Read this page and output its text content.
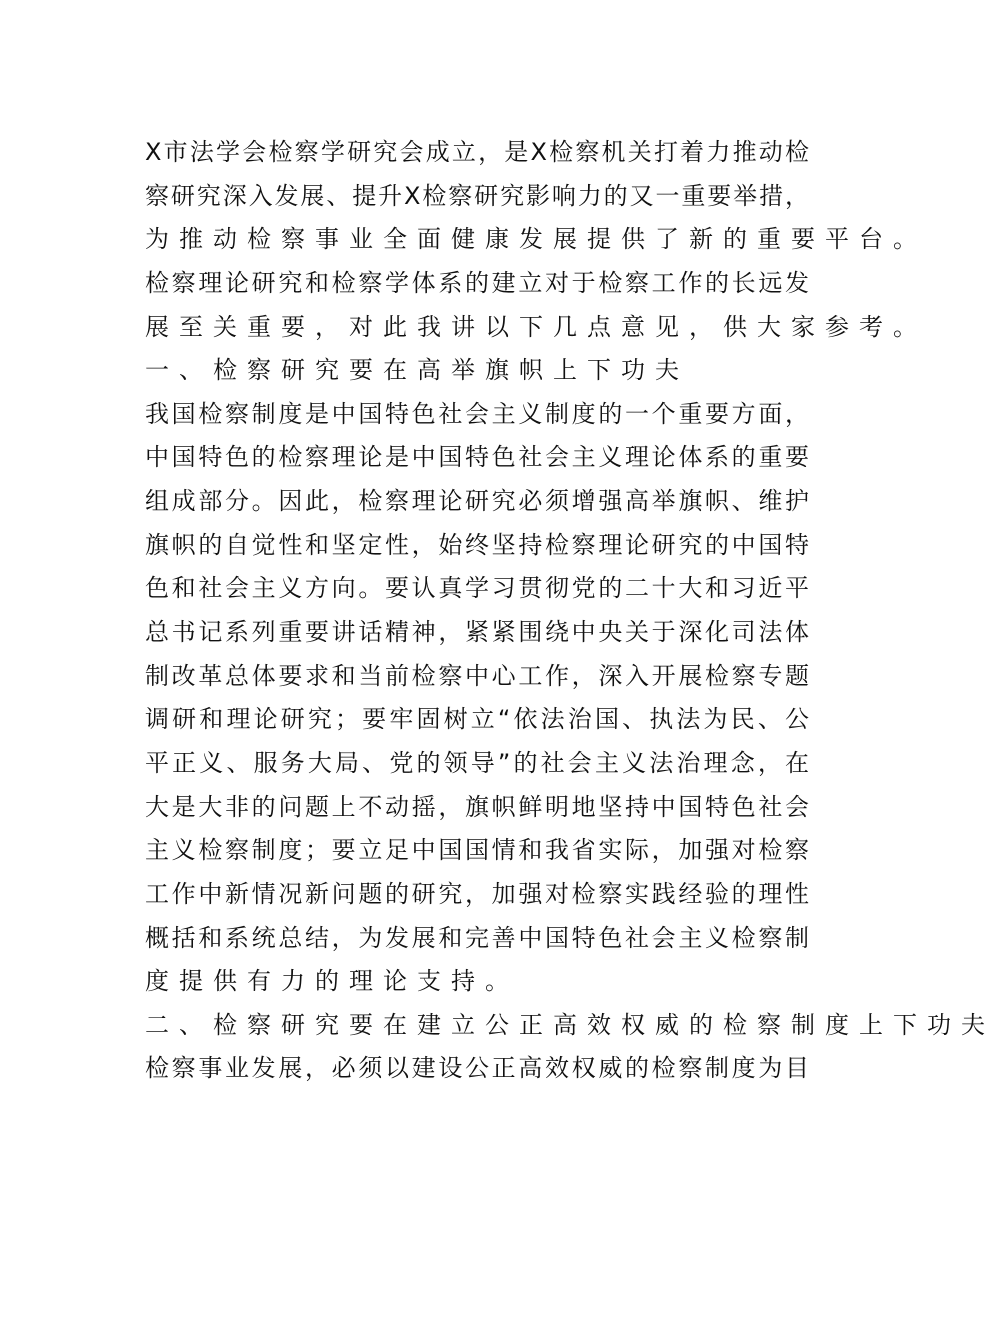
X市法学会检察学研究会成立，是X检察机关打着力推动检
察研究深入发展、提升X检察研究影响力的又一重要举措，
为推动检察事业全面健康发展提供了新的重要平台。
检察理论研究和检察学体系的建立对于检察工作的长远发
展至关重要，对此我讲以下几点意见，供大家参考。
一、检察研究要在高举旗帜上下功夫
我国检察制度是中国特色社会主义制度的一个重要方面，
中国特色的检察理论是中国特色社会主义理论体系的重要
组成部分。因此，检察理论研究必须增强高举旗帜、维护
旗帜的自觉性和坚定性，始终坚持检察理论研究的中国特
色和社会主义方向。要认真学习贯彻党的二十大和习近平
总书记系列重要讲话精神，紧紧围绕中央关于深化司法体
制改革总体要求和当前检察中心工作，深入开展检察专题
调研和理论研究；要牢固树立“依法治国、执法为民、公
平正义、服务大局、党的领导”的社会主义法治理念，在
大是大非的问题上不动摇，旗帜鲜明地坚持中国特色社会
主义检察制度；要立足中国国情和我省实际，加强对检察
工作中新情况新问题的研究，加强对检察实践经验的理性
概括和系统总结，为发展和完善中国特色社会主义检察制
度提供有力的理论支持。
二、检察研究要在建立公正高效权威的检察制度上下功夫
检察事业发展，必须以建设公正高效权威的检察制度为目
